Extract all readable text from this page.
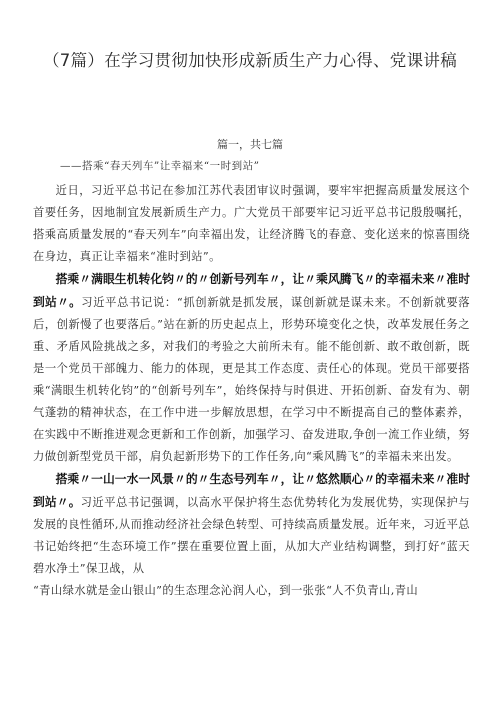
（7篇）在学习贯彻加快形成新质生产力心得、党课讲稿
篇一，共七篇
——搭乘“春天列车”让幸福来“一时到站”

近日，习近平总书记在参加江苏代表团审议时强调，要牢牢把握高质量发展这个首要任务，因地制宜发展新质生产力。广大党员干部要牢记习近平总书记殷殷嘱托，搭乘高质量发展的“春天列车”向幸福出发，让经济腾飞的春意、变化送来的惊喜围绕在身边，真正让幸福来“准时到站”。

搭乘〃满眼生机转化钧〃的〃创新号列车〃，让〃乘风腾飞〃的幸福未来〃准时到站〃。习近平总书记说：“抓创新就是抓发展，谋创新就是谋未来。不创新就要落后，创新慢了也要落后。”站在新的历史起点上，形势环境变化之快，改革发展任务之重、矛盾风险挑战之多，对我们的考验之大前所未有。能不能创新、敢不敢创新，既是一个党员干部魄力、能力的体现，更是其工作态度、责任心的体现。党员干部要搭乘“满眼生机转化钧”的“创新号列车”，始终保持与时俱进、开拓创新、奋发有为、朝气蓬勃的精神状态，在工作中进一步解放思想，在学习中不断提高自己的整体素养，在实践中不断推进观念更新和工作创新，加强学习、奋发进取,争创一流工作业绩，努力做创新型党员干部，肩负起新形势下的工作任务,向“乘风腾飞”的幸福未来出发。

搭乘〃一山一水一风景〃的〃生态号列车〃，让〃悠然顺心〃的幸福未来〃准时到站〃。习近平总书记强调，以高水平保护将生态优势转化为发展优势，实现保护与发展的良性循环,从而推动经济社会绿色转型、可持续高质量发展。近年来，习近平总书记始终把“生态环境工作”摆在重要位置上面，从加大产业结构调整，到打好“蓝天碧水净土”保卫战，从

“青山绿水就是金山银山”的生态理念沁润人心，到一张张“人不负青山,青山
